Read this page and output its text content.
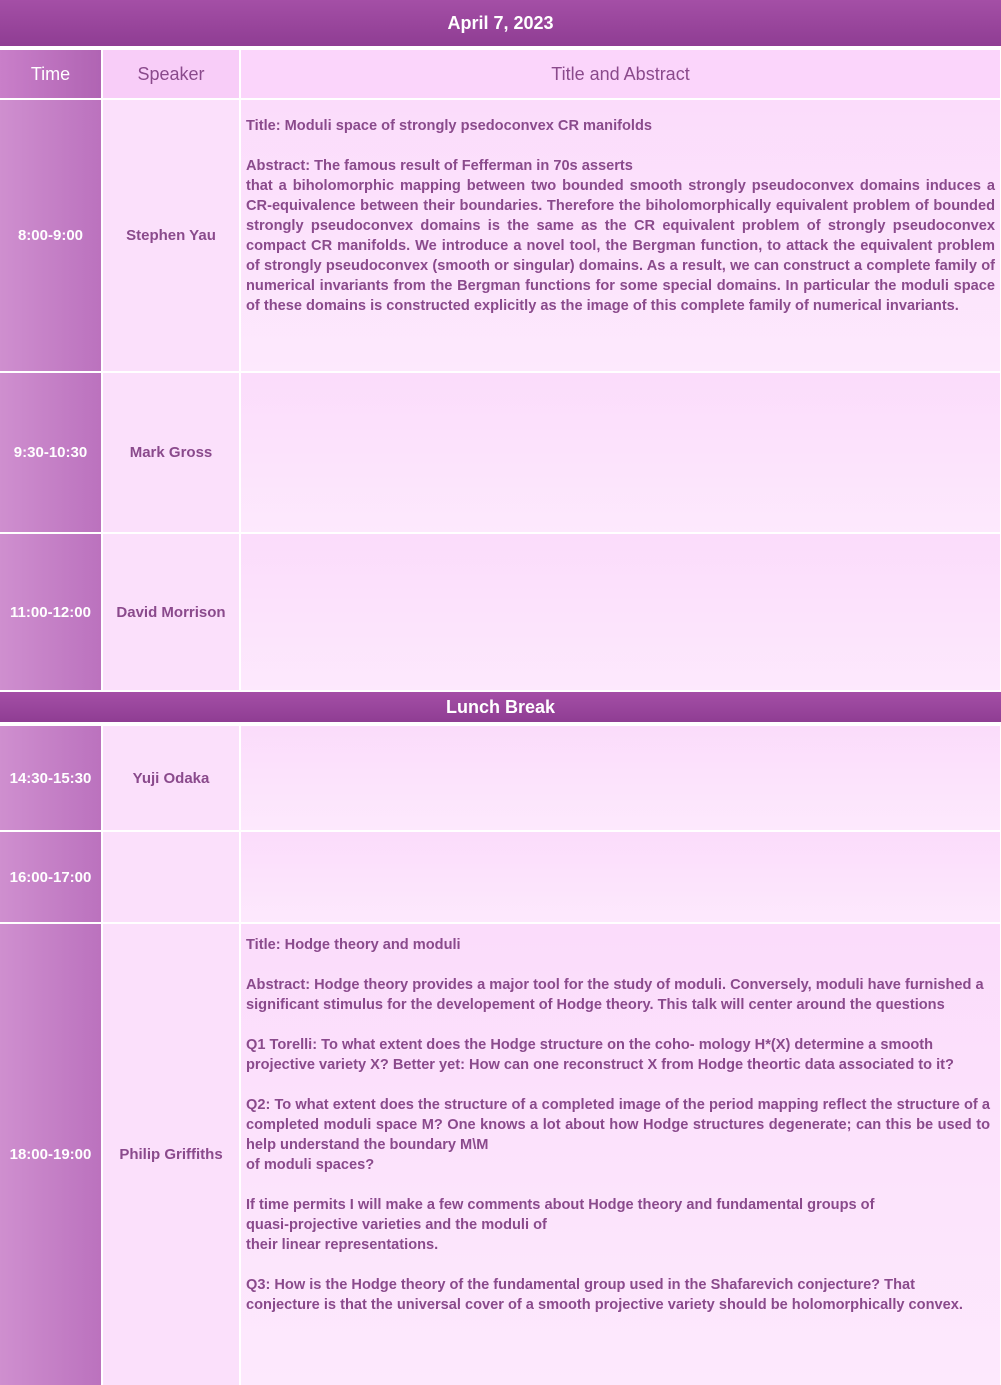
April 7, 2023
Time	Speaker	Title and Abstract
8:00-9:00	Stephen Yau

Title: Moduli space of strongly psedoconvex CR manifolds

Abstract: The famous result of Fefferman in 70s asserts

that a biholomorphic mapping between two bounded smooth strongly pseudoconvex domains induces a CR-equivalence between their boundaries. Therefore the biholomorphically equivalent problem of bounded strongly pseudoconvex domains is the same as the CR equivalent problem of strongly pseudoconvex compact CR manifolds. We introduce a novel tool, the Bergman function, to attack the equivalent problem of strongly pseudoconvex (smooth or singular) domains. As a result, we can construct a complete family of numerical invariants from the Bergman functions for some special domains. In particular the moduli space of these domains is constructed explicitly as the image of this complete family of numerical invariants.

9:30-10:30	Mark Gross
11:00-12:00	David Morrison
Lunch Break
14:30-15:30	Yuji Odaka
16:00-17:00
18:00-19:00	Philip Griffiths

Title: Hodge theory and moduli

Abstract: Hodge theory provides a major tool for the study of moduli. Conversely, moduli have furnished a significant stimulus for the developement of Hodge theory. This talk will center around the questions

Q1 Torelli: To what extent does the Hodge structure on the coho- mology H*(X) determine a smooth projective variety X? Better yet: How can one reconstruct X from Hodge theortic data associated to it?

Q2: To what extent does the structure of a completed image of the period mapping reflect the structure of a completed moduli space M? One knows a lot about how Hodge structures degenerate; can this be used to help understand the boundary M\M

of moduli spaces?

If time permits I will make a few comments about Hodge theory and fundamental groups of

quasi-projective varieties and the moduli of

their linear representations.

Q3: How is the Hodge theory of the fundamental group used in the Shafarevich conjecture? That conjecture is that the universal cover of a smooth projective variety should be holomorphically convex.
